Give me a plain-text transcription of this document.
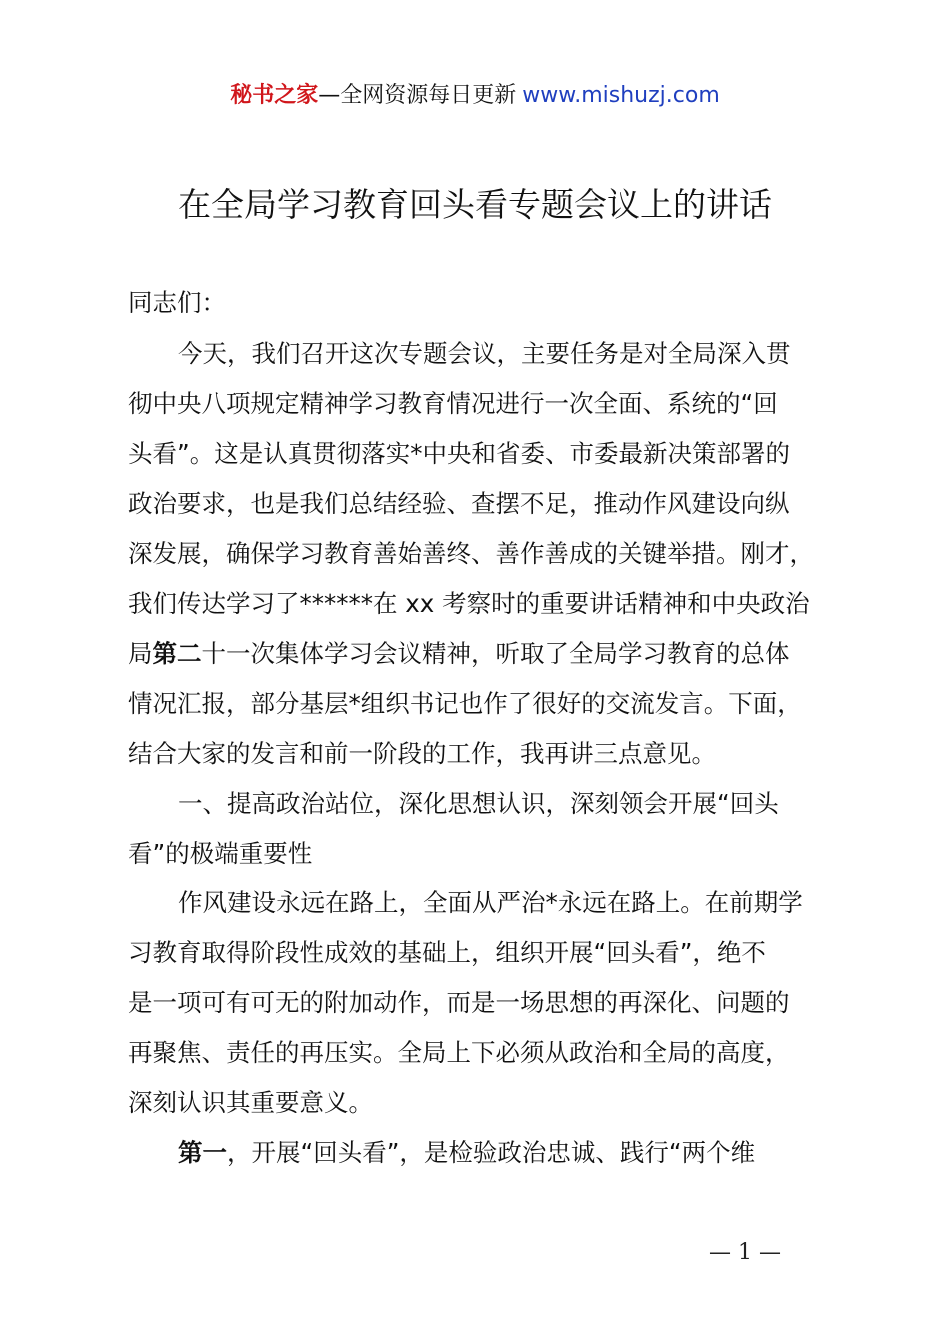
秘书之家—全网资源每日更新 www.mishuzj.com
在全局学习教育回头看专题会议上的讲话
同志们：
今天，我们召开这次专题会议，主要任务是对全局深入贯
彻中央八项规定精神学习教育情况进行一次全面、系统的“回
头看”。这是认真贯彻落实*中央和省委、市委最新决策部署的
政治要求，也是我们总结经验、查摆不足，推动作风建设向纵
深发展，确保学习教育善始善终、善作善成的关键举措。刚才，
我们传达学习了******在 xx 考察时的重要讲话精神和中央政治
局第二十一次集体学习会议精神，听取了全局学习教育的总体
情况汇报，部分基层*组织书记也作了很好的交流发言。下面，
结合大家的发言和前一阶段的工作，我再讲三点意见。
一、提高政治站位，深化思想认识，深刻领会开展“回头
看”的极端重要性
作风建设永远在路上，全面从严治*永远在路上。在前期学
习教育取得阶段性成效的基础上，组织开展“回头看”，绝不
是一项可有可无的附加动作，而是一场思想的再深化、问题的
再聚焦、责任的再压实。全局上下必须从政治和全局的高度，
深刻认识其重要意义。
第一，开展“回头看”，是检验政治忠诚、践行“两个维
— 1 —
